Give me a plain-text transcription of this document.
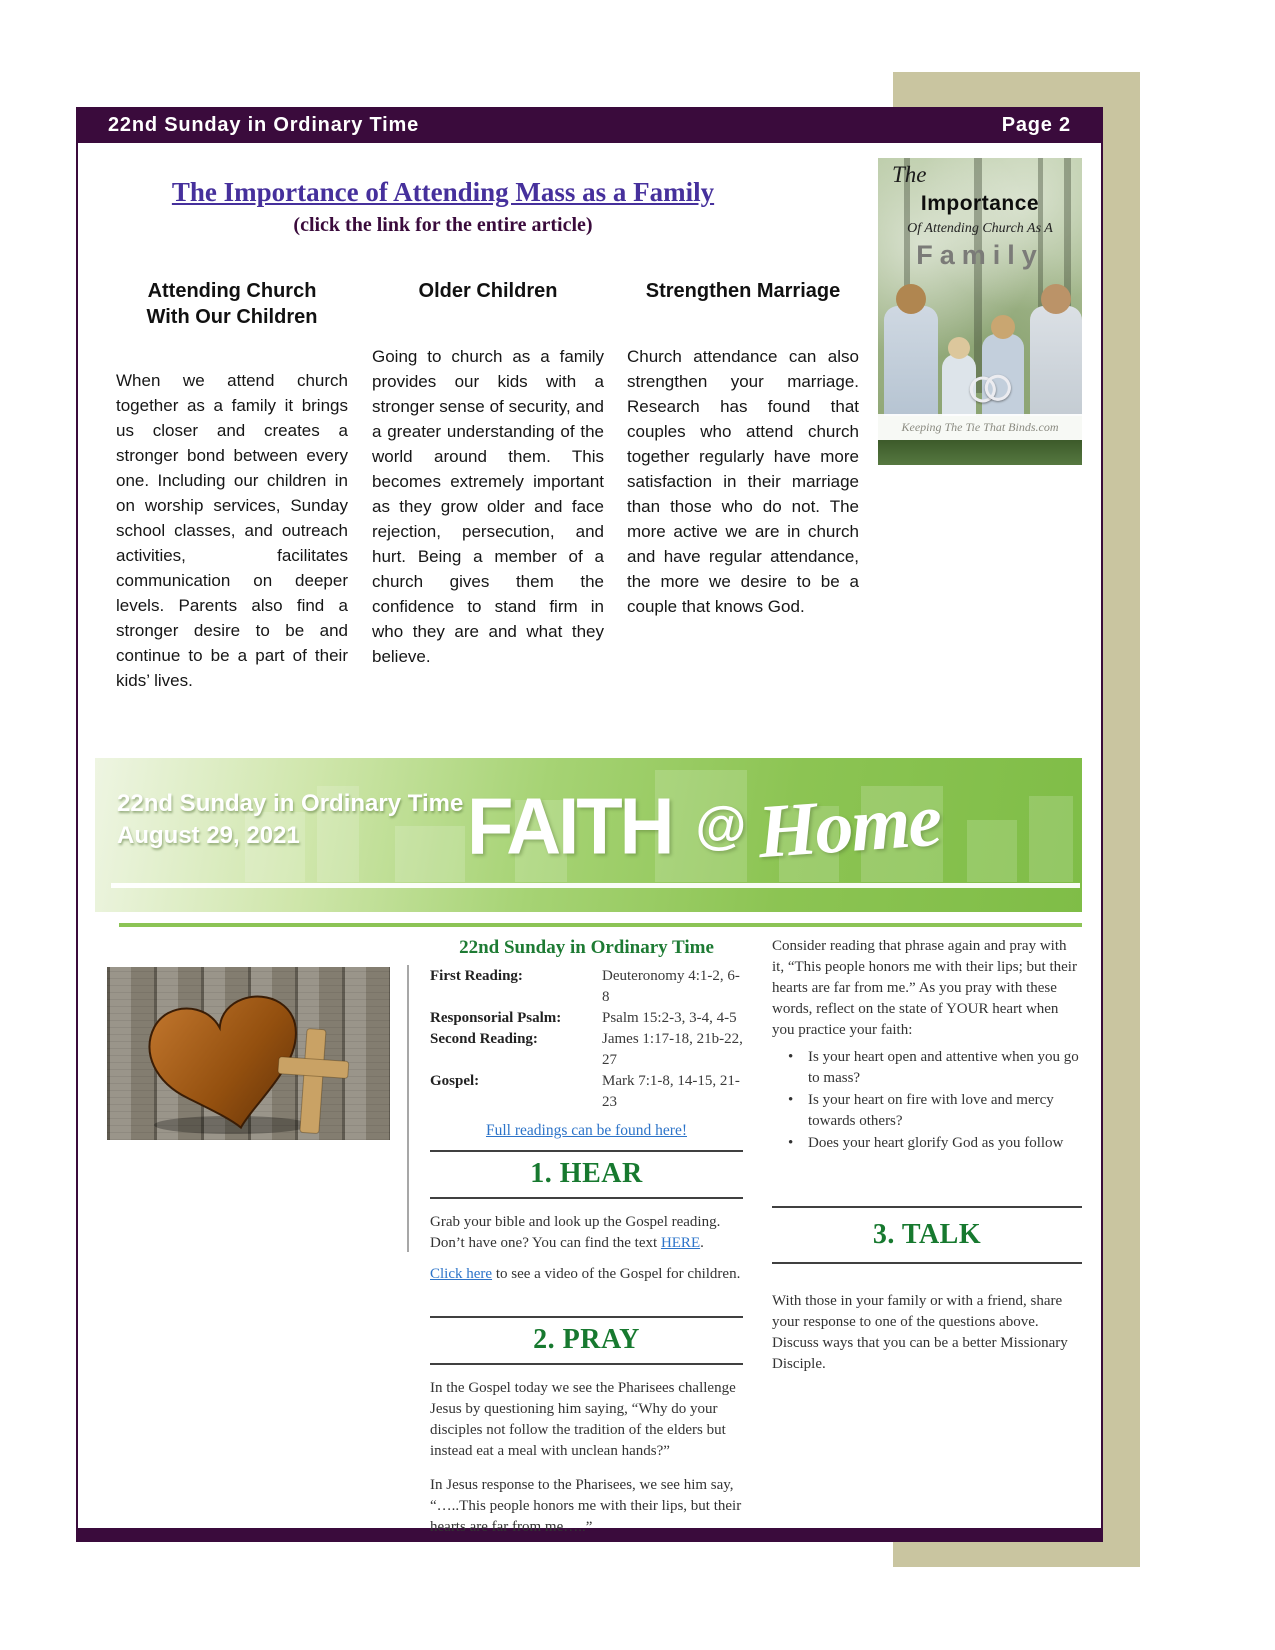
22nd Sunday in Ordinary Time	Page 2
The Importance of Attending Mass as a Family
(click the link for the entire article)
Attending Church With Our Children
When we attend church together as a family it brings us closer and creates a stronger bond between every one. Including our children in on worship services, Sunday school classes, and outreach activities, facilitates communication on deeper levels. Parents also find a stronger desire to be and continue to be a part of their kids’ lives.
Older Children
Going to church as a family provides our kids with a stronger sense of security, and a greater understanding of the world around them. This becomes extremely important as they grow older and face rejection, persecution, and hurt. Being a member of a church gives them the confidence to stand firm in who they are and what they believe.
Strengthen Marriage
Church attendance can also strengthen your marriage. Research has found that couples who attend church together regularly have more satisfaction in their marriage than those who do not. The more active we are in church and have regular attendance, the more we desire to be a couple that knows God.
The
Importance
Of Attending Church As A
Family
Keeping The Tie That Binds.com
22nd Sunday in Ordinary Time
August 29, 2021	FAITH @ Home
22nd Sunday in Ordinary Time
First Reading:	Deuteronomy 4:1-2, 6-8
Responsorial Psalm:	Psalm 15:2-3, 3-4, 4-5
Second Reading:	James 1:17-18, 21b-22, 27
Gospel:	Mark 7:1-8, 14-15, 21-23
Full readings can be found here!
1. HEAR
Grab your bible and look up the Gospel reading. Don’t have one? You can find the text HERE.
Click here to see a video of the Gospel for children.
2. PRAY
In the Gospel today we see the Pharisees challenge Jesus by questioning him saying, “Why do your disciples not follow the tradition of the elders but instead eat a meal with unclean hands?”
In Jesus response to the Pharisees, we see him say, “…..This people honors me with their lips, but their hearts are far from me…..”
Consider reading that phrase again and pray with it, “This people honors me with their lips; but their hearts are far from me.” As you pray with these words, reflect on the state of YOUR heart when you practice your faith:
•
Is your heart open and attentive when you go to mass?
•
Is your heart on fire with love and mercy towards others?
•
Does your heart glorify God as you follow
3. TALK
With those in your family or with a friend, share your response to one of the questions above. Discuss ways that you can be a better Missionary Disciple.
